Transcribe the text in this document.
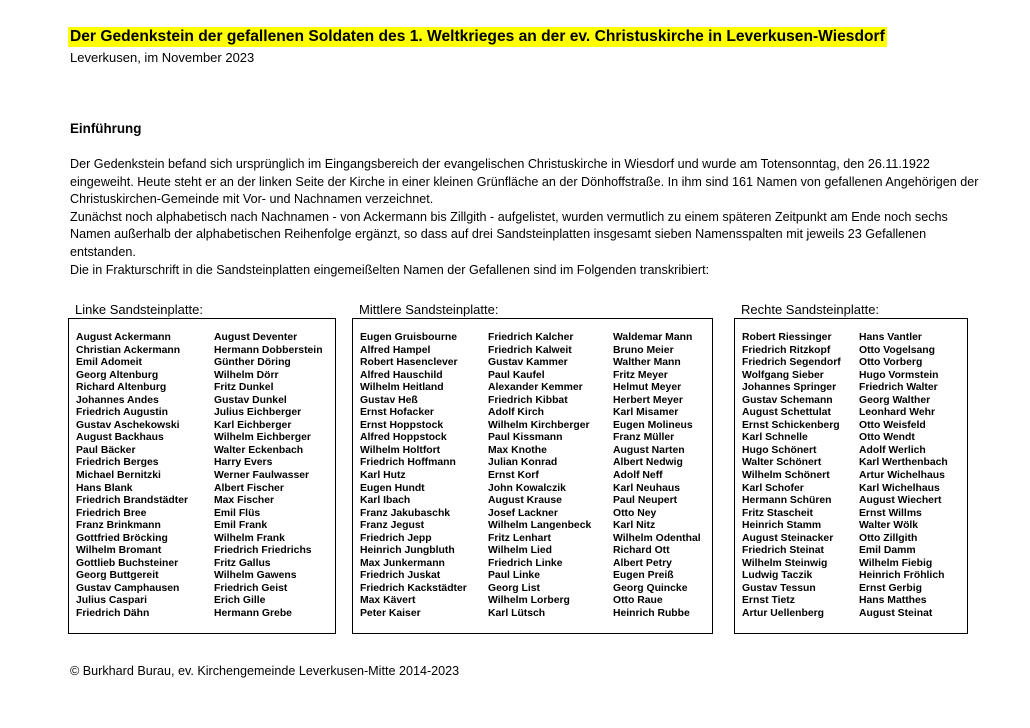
Der Gedenkstein der gefallenen Soldaten des 1. Weltkrieges an der ev. Christuskirche in Leverkusen-Wiesdorf
Leverkusen, im November 2023
Einführung

Der Gedenkstein befand sich ursprünglich im Eingangsbereich der evangelischen Christuskirche in Wiesdorf und wurde am Totensonntag, den 26.11.1922 eingeweiht. Heute steht er an der linken Seite der Kirche in einer kleinen Grünfläche an der Dönhoffstraße. In ihm sind 161 Namen von gefallenen Angehörigen der Christuskirchen-Gemeinde mit Vor- und Nachnamen verzeichnet.

Zunächst noch alphabetisch nach Nachnamen - von Ackermann bis Zillgith - aufgelistet, wurden vermutlich zu einem späteren Zeitpunkt am Ende noch sechs Namen außerhalb der alphabetischen Reihenfolge ergänzt, so dass auf drei Sandsteinplatten insgesamt sieben Namensspalten mit jeweils 23 Gefallenen entstanden.

Die in Frakturschrift in die Sandsteinplatten eingemeißelten Namen der Gefallenen sind im Folgenden transkribiert:

Linke Sandsteinplatte:
August Ackermann
Christian Ackermann
Emil Adomeit
Georg Altenburg
Richard Altenburg
Johannes Andes
Friedrich Augustin
Gustav Aschekowski
August Backhaus
Paul Bäcker
Friedrich Berges
Michael Bernitzki
Hans Blank
Friedrich Brandstädter
Friedrich Bree
Franz Brinkmann
Gottfried Bröcking
Wilhelm Bromant
Gottlieb Buchsteiner
Georg Buttgereit
Gustav Camphausen
Julius Caspari
Friedrich Dähn
August Deventer
Hermann Dobberstein
Günther Döring
Wilhelm Dörr
Fritz Dunkel
Gustav Dunkel
Julius Eichberger
Karl Eichberger
Wilhelm Eichberger
Walter Eckenbach
Harry Evers
Werner Faulwasser
Albert Fischer
Max Fischer
Emil Flüs
Emil Frank
Wilhelm Frank
Friedrich Friedrichs
Fritz Gallus
Wilhelm Gawens
Friedrich Geist
Erich Gille
Hermann Grebe
Mittlere Sandsteinplatte:
Eugen Gruisbourne
Alfred Hampel
Robert Hasenclever
Alfred Hauschild
Wilhelm Heitland
Gustav Heß
Ernst Hofacker
Ernst Hoppstock
Alfred Hoppstock
Wilhelm Holtfort
Friedrich Hoffmann
Karl Hutz
Eugen Hundt
Karl Ibach
Franz Jakubaschk
Franz Jegust
Friedrich Jepp
Heinrich Jungbluth
Max Junkermann
Friedrich Juskat
Friedrich Kackstädter
Max Kävert
Peter Kaiser
Friedrich Kalcher
Friedrich Kalweit
Gustav Kammer
Paul Kaufel
Alexander Kemmer
Friedrich Kibbat
Adolf Kirch
Wilhelm Kirchberger
Paul Kissmann
Max Knothe
Julian Konrad
Ernst Korf
John Kowalczik
August Krause
Josef Lackner
Wilhelm Langenbeck
Fritz Lenhart
Wilhelm Lied
Friedrich Linke
Paul Linke
Georg List
Wilhelm Lorberg
Karl Lütsch
Waldemar Mann
Bruno Meier
Walther Mann
Fritz Meyer
Helmut Meyer
Herbert Meyer
Karl Misamer
Eugen Molineus
Franz Müller
August Narten
Albert Nedwig
Adolf Neff
Karl Neuhaus
Paul Neupert
Otto Ney
Karl Nitz
Wilhelm Odenthal
Richard Ott
Albert Petry
Eugen Preiß
Georg Quincke
Otto Raue
Heinrich Rubbe
Rechte Sandsteinplatte:
Robert Riessinger
Friedrich Ritzkopf
Friedrich Segendorf
Wolfgang Sieber
Johannes Springer
Gustav Schemann
August Schettulat
Ernst Schickenberg
Karl Schnelle
Hugo Schönert
Walter Schönert
Wilhelm Schönert
Karl Schofer
Hermann Schüren
Fritz Stascheit
Heinrich Stamm
August Steinacker
Friedrich Steinat
Wilhelm Steinwig
Ludwig Taczik
Gustav Tessun
Ernst Tietz
Artur Uellenberg
Hans Vantler
Otto Vogelsang
Otto Vorberg
Hugo Vormstein
Friedrich Walter
Georg Walther
Leonhard Wehr
Otto Weisfeld
Otto Wendt
Adolf Werlich
Karl Werthenbach
Artur Wichelhaus
Karl Wichelhaus
August Wiechert
Ernst Willms
Walter Wölk
Otto Zillgith
Emil Damm
Wilhelm Fiebig
Heinrich Fröhlich
Ernst Gerbig
Hans Matthes
August Steinat
© Burkhard Burau, ev. Kirchengemeinde Leverkusen-Mitte 2014-2023
